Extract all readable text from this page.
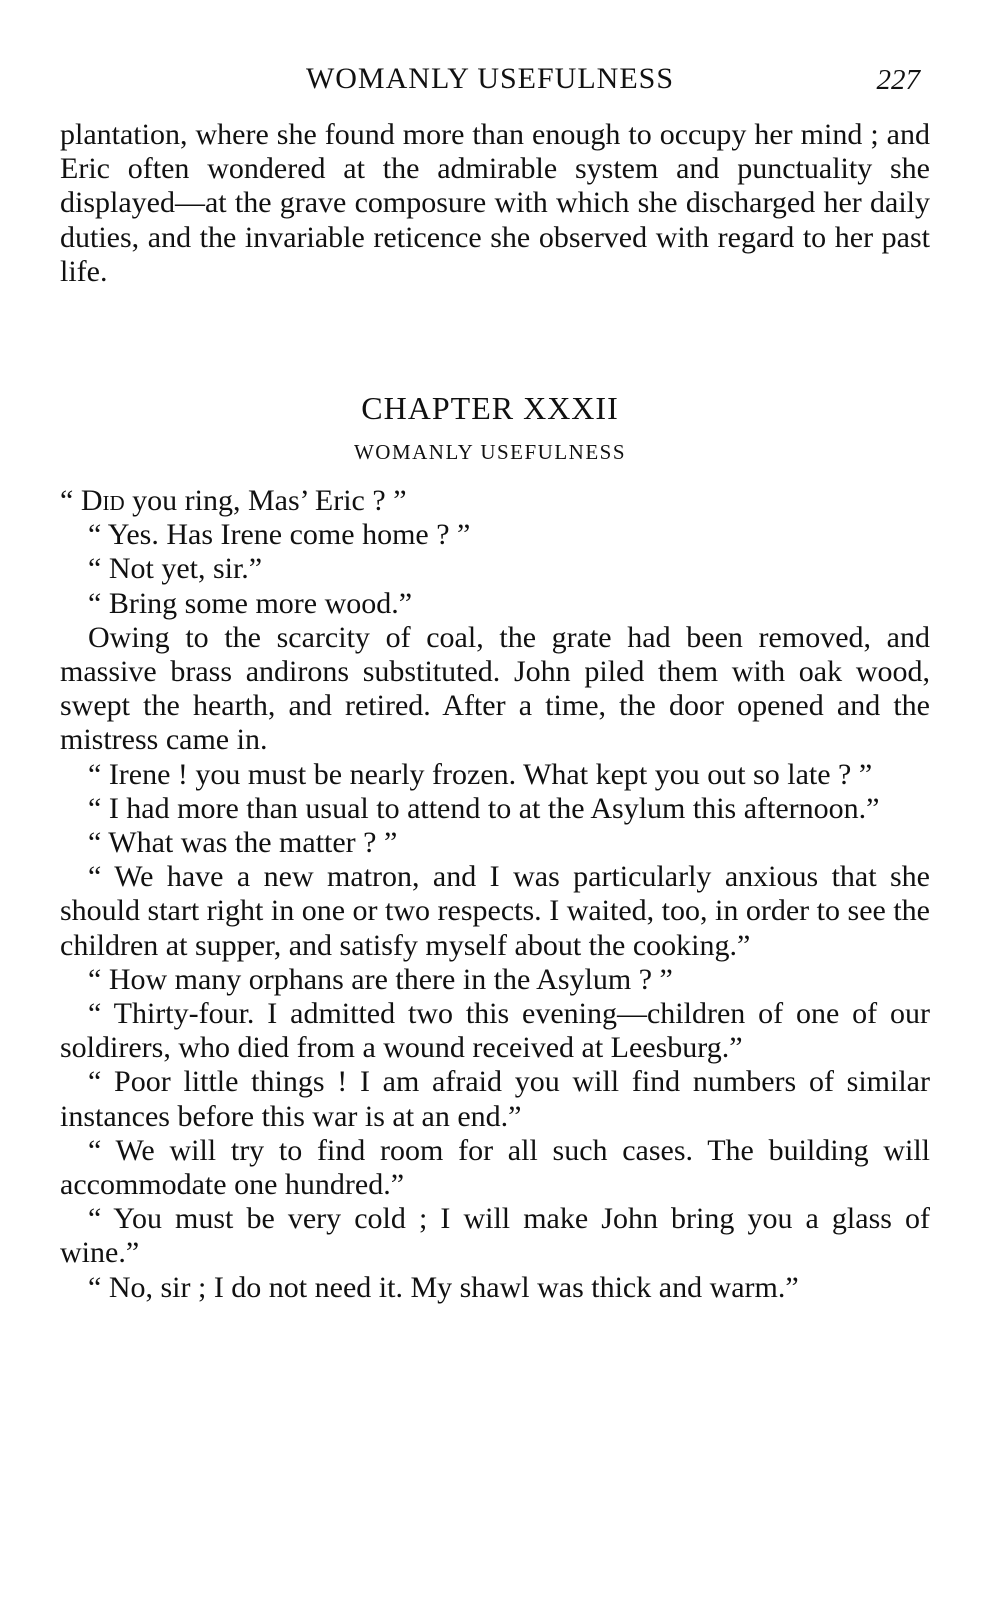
WOMANLY USEFULNESS	227

plantation, where she found more than enough to occupy her mind ; and Eric often wondered at the admirable system and punctuality she displayed—at the grave composure with which she discharged her daily duties, and the invariable reticence she observed with regard to her past life.

CHAPTER XXXII
WOMANLY USEFULNESS

“ Did you ring, Mas’ Eric ? ”

“ Yes. Has Irene come home ? ”

“ Not yet, sir.”

“ Bring some more wood.”

Owing to the scarcity of coal, the grate had been removed, and massive brass andirons substituted. John piled them with oak wood, swept the hearth, and retired. After a time, the door opened and the mistress came in.

“ Irene ! you must be nearly frozen. What kept you out so late ? ”

“ I had more than usual to attend to at the Asylum this afternoon.”

“ What was the matter ? ”

“ We have a new matron, and I was particularly anxious that she should start right in one or two respects. I waited, too, in order to see the children at supper, and satisfy myself about the cooking.”

“ How many orphans are there in the Asylum ? ”

“ Thirty-four. I admitted two this evening—children of one of our soldirers, who died from a wound received at Leesburg.”

“ Poor little things ! I am afraid you will find numbers of similar instances before this war is at an end.”

“ We will try to find room for all such cases. The building will accommodate one hundred.”

“ You must be very cold ; I will make John bring you a glass of wine.”

“ No, sir ; I do not need it. My shawl was thick and warm.”
